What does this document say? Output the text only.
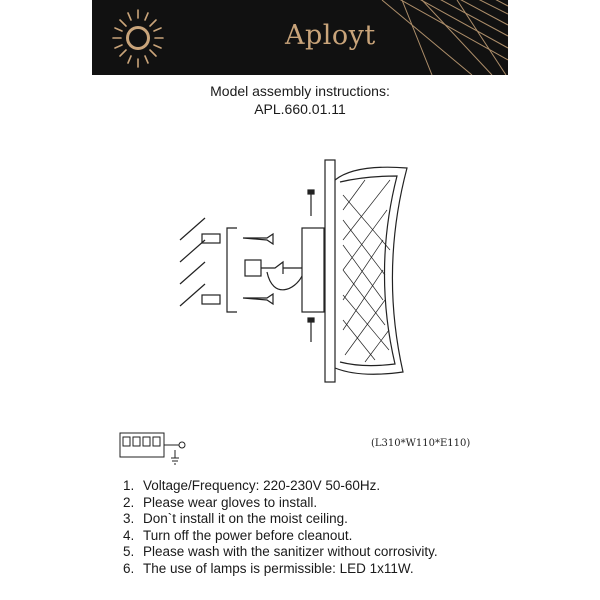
Aployt
Model assembly instructions:
APL.660.01.11
(L310*W110*E110)
1. Voltage/Frequency: 220-230V 50-60Hz.
2. Please wear gloves to install.
3. Don`t install it on the moist ceiling.
4. Turn off the power before cleanout.
5. Please wash with the sanitizer without corrosivity.
6. The use of lamps is permissible: LED 1x11W.
